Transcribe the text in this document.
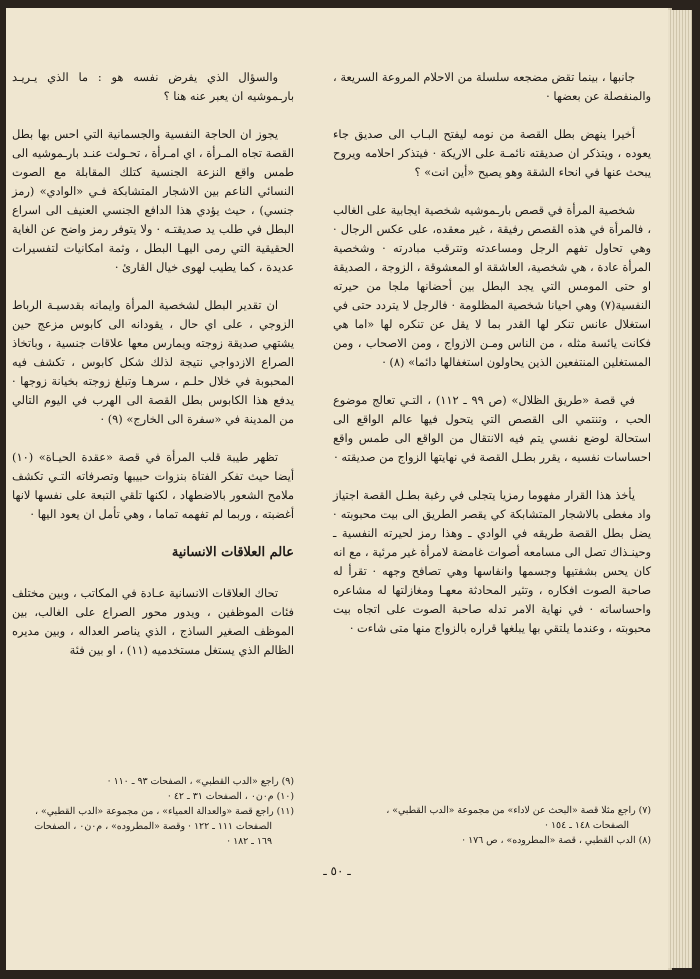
جانبها ، بينما تقض مضجعه سلسلة من الاحلام المروعة السريعة ، والمنفصلة عن بعضها ·

أخيرا ينهض بطل القصة من نومه ليفتح البـاب الى صديق جاء يعوده ، ويتذكر ان صديقته نائمـة على الاريكة · فيتذكر احلامه ويروح يبحث عنها في انحاء الشقة وهو يصيح «أين انت» ؟

شخصية المرأة في قصص بارـموشيه شخصية ايجابية على الغالب ، فالمرأة في هذه القصص رفيقة ، غير معقده، على عكس الرجال · وهي تحاول تفهم الرجل ومساعدته وتترقب مبادرته · وشخصية المرأة عادة ، هي شخصية، العاشقة او المعشوقة ، الزوجة ، الصديقة او حتى المومس التي يجد البطل بين أحضانها ملجا من حيرته النفسية(٧) وهي احيانا شخصية المظلومة · فالرجل لا يتردد حتى في استغلال عانس تنكر لها القدر بما لا يقل عن تنكره لها «اما هي فكانت يائسة مثله ، من الناس ومـن الازواج ، ومن الاصحاب ، ومن المستغلين المنتفعين الذين يحاولون استغفالها دائما» (٨) ·

في قصة «طريق الظلال» (ص ٩٩ ـ ١١٢) ، التـي تعالج موضوع الحب ، وتنتمي الى القصص التي يتحول فيها عالم الواقع الى استحالة لوضع نفسي يتم فيه الانتقال من الواقع الى طمس واقع احساسات نفسيه ، يقرر بطـل القصة في نهايتها الزواج من صديقته ·

يأخذ هذا القرار مفهوما رمزيا يتجلى في رغبة بطـل القصة اجتياز واد مغطى بالاشجار المتشابكة كي يقصر الطريق الى بيت محبوبته · يضل بطل القصة طريقه في الوادي ـ وهذا رمز لحيرته النفسية ـ وحينـذاك تصل الى مسامعه أصوات غامضة لامرأة غير مرئية ، مع انه كان يحس بشفتيها وجسمها وانفاسها وهي تصافح وجهه · تقرأ له صاحبة الصوت افكاره ، وتثير المحادثة معهـا ومغازلتها له مشاعره واحساساته · في نهاية الامر تدله صاحبة الصوت على اتجاه بيت محبوبته ، وعندما يلتقي بها يبلغها قراره بالزواج منها متى شاءت ·

والسؤال الذي يفرض نفسه هو : ما الذي يـريـد بارـموشيه ان يعبر عنه هنا ؟

يجوز ان الحاجة النفسية والجسمانية التي احس بها بطل القصة تجاه المـرأة ، اي امـرأة ، تحـولت عنـد بارـموشيه الى طمس واقع النزعة الجنسية كتلك المقابلة مع الصوت النسائي الناعم بين الاشجار المتشابكة فـي «الوادي» (رمز جنسي) ، حيث يؤدي هذا الدافع الجنسي العنيف الى اسراع البطل في طلب يد صديقتـه · ولا يتوفر رمز واضح عن الغاية الحقيقية التي رمى اليهـا البطل ، وثمة امكانيات لتفسيرات عديدة ، كما يطيب لهوى خيال القارئ ·

ان تقدير البطل لشخصية المرأة وايمانه بقدسيـة الرباط الزوجي ، على اي حال ، يقودانه الى كابوس مزعج حين يشتهي صديقة زوجته ويمارس معها علاقات جنسية ، وباتخاذ الصراع الازدواجي نتيجة لذلك شكل كابوس ، تكشف فيه المحبوبة في خلال حلـم ، سرهـا وتبلغ زوجته بخيانة زوجها · يدفع هذا الكابوس بطل القصة الى الهرب في اليوم التالي من المدينة في «سفرة الى الخارج» (٩) ·

تظهر طيبة قلب المرأة في قصة «عقدة الحيـاة» (١٠) أيضا حيث تفكر الفتاة بنزوات حبيبها وتصرفاته التـي تكشف ملامح الشعور بالاضطهاد ، لكنها تلقي التبعة على نفسها لانها أغضبته ، وربما لم تفهمه تماما ، وهي تأمل ان يعود اليها ·

عالم العلاقات الانسانية

تحاك العلاقات الانسانية عـادة في المكاتب ، وبين مختلف فئات الموظفين ، ويدور محور الصراع على الغالب، بين الموظف الصغير الساذج ، الذي يناصر العداله ، وبين مديره الظالم الذي يستغل مستخدميه (١١) ، او بين فئة

(٧) راجع مثلا قصة «البحث عن لاداء» من مجموعة «الدب القطبي» ،
الصفحات ١٤٨ ـ ١٥٤ ·
(٨) الدب القطبي ، قصة «المطروده» ، ص ١٧٦ ·
(٩) راجع «الدب القطبي» ، الصفحات ٩٣ ـ ١١٠ ·
(١٠) م٠ن٠ ، الصفحات ٣١ ـ ٤٢ ·
(١١) راجع قصة «والعدالة العمياء» ، من مجموعة «الدب القطبي» ،
الصفحات ١١١ ـ ١٢٢ · وقصة «المطروده» ، م٠ن٠ ، الصفحات
١٦٩ ـ ١٨٢ ·
ـ ٥٠ ـ
